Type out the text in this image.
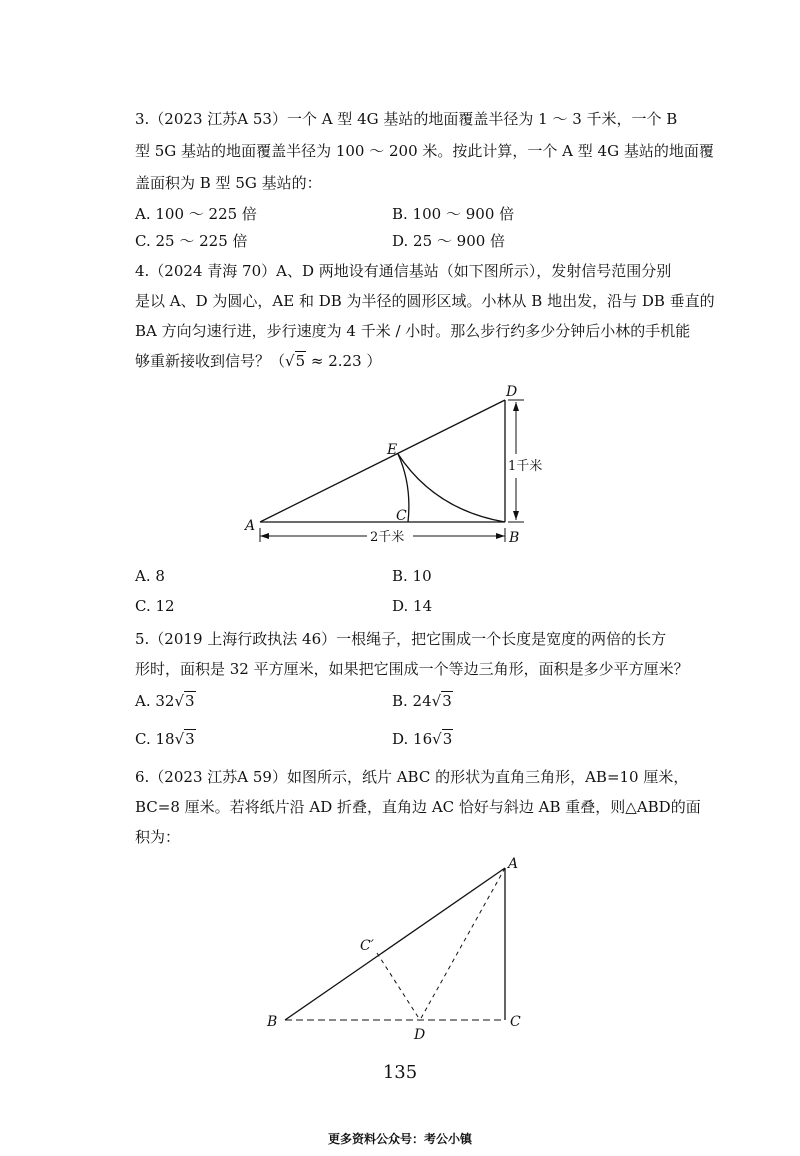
3.（2023 江苏A 53）一个 A 型 4G 基站的地面覆盖半径为 1 ～ 3 千米，一个 B
型 5G 基站的地面覆盖半径为 100 ～ 200 米。按此计算，一个 A 型 4G 基站的地面覆
盖面积为 B 型 5G 基站的：
A. 100 ～ 225 倍	B. 100 ～ 900 倍
C. 25 ～ 225 倍	D. 25 ～ 900 倍
4.（2024 青海 70）A、D 两地设有通信基站（如下图所示），发射信号范围分别
是以 A、D 为圆心，AE 和 DB 为半径的圆形区域。小林从 B 地出发，沿与 DB 垂直的
BA 方向匀速行进，步行速度为 4 千米 / 小时。那么步行约多少分钟后小林的手机能
够重新接收到信号？（√5 ≈ 2.23 ）
A
B
C
D
E
2千米
1千米
A. 8	B. 10
C. 12	D. 14
5.（2019 上海行政执法 46）一根绳子，把它围成一个长度是宽度的两倍的长方
形时，面积是 32 平方厘米，如果把它围成一个等边三角形，面积是多少平方厘米？
A. 32√3	B. 24√3
C. 18√3	D. 16√3
6.（2023 江苏A 59）如图所示，纸片 ABC 的形状为直角三角形，AB=10 厘米，
BC=8 厘米。若将纸片沿 AD 折叠，直角边 AC 恰好与斜边 AB 重叠，则△ABD的面
积为：
A
B	C
D
C′
135
更多资料公众号：考公小镇
